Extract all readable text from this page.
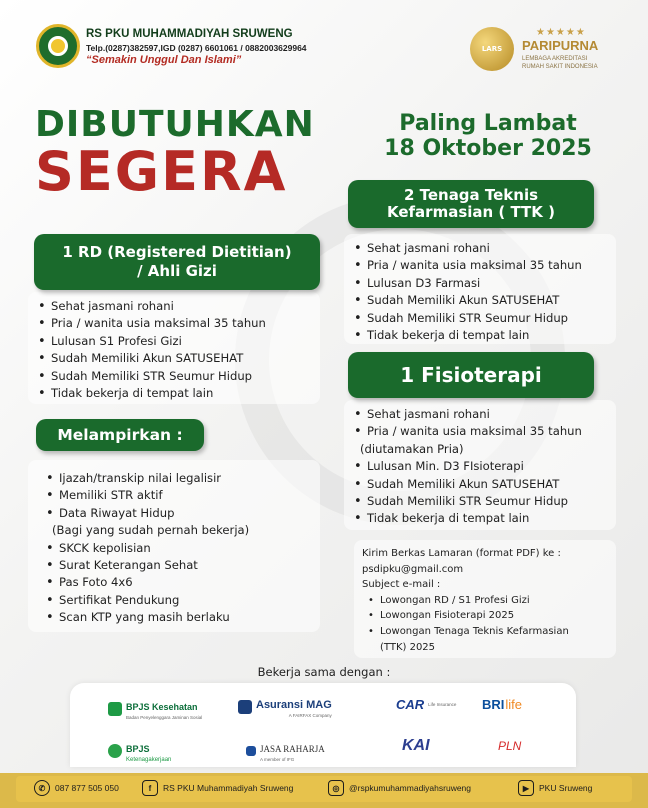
RS PKU MUHAMMADIYAH SRUWENG
Telp.(0287)382597,IGD (0287) 6601061 / 0882003629964
“Semakin Unggul Dan Islami”
LARS
★★★★★
PARIPURNA
LEMBAGA AKREDITASI
RUMAH SAKIT INDONESIA
DIBUTUHKAN
SEGERA
Paling Lambat
18 Oktober 2025
1 RD (Registered Dietitian)
/ Ahli Gizi
• Sehat jasmani rohani
• Pria / wanita usia maksimal 35 tahun
• Lulusan S1 Profesi Gizi
• Sudah Memiliki Akun SATUSEHAT
• Sudah Memiliki STR Seumur Hidup
• Tidak bekerja di tempat lain
Melampirkan :
• Ijazah/transkip nilai legalisir
• Memiliki STR aktif
• Data Riwayat Hidup
(Bagi yang sudah pernah bekerja)
• SKCK kepolisian
• Surat Keterangan Sehat
• Pas Foto 4x6
• Sertifikat Pendukung
• Scan KTP yang masih berlaku
2 Tenaga Teknis
Kefarmasian ( TTK )
• Sehat jasmani rohani
• Pria / wanita usia maksimal 35 tahun
• Lulusan D3 Farmasi
• Sudah Memiliki Akun SATUSEHAT
• Sudah Memiliki STR Seumur Hidup
• Tidak bekerja di tempat lain
1 Fisioterapi
• Sehat jasmani rohani
• Pria / wanita usia maksimal 35 tahun
(diutamakan Pria)
• Lulusan Min. D3 FIsioterapi
• Sudah Memiliki Akun SATUSEHAT
• Sudah Memiliki STR Seumur Hidup
• Tidak bekerja di tempat lain
Kirim Berkas Lamaran (format PDF) ke :
psdipku@gmail.com
Subject e-mail :
• Lowongan RD / S1 Profesi Gizi
• Lowongan Fisioterapi 2025
• Lowongan Tenaga Teknis Kefarmasian
(TTK) 2025
Bekerja sama dengan :
BPJS Kesehatan
Badan Penyelenggara Jaminan Sosial
Asuransi MAG
A FAIRFAX Company
CAR Life Insurance BRI life
BPJS
Ketenagakerjaan
JASA RAHARJA
A member of IFG
KAI	PLN
✆	087 877 505 050	f	RS PKU Muhammadiyah Sruweng	◎	@rspkumuhammadiyahsruweng	▶	PKU Sruweng
